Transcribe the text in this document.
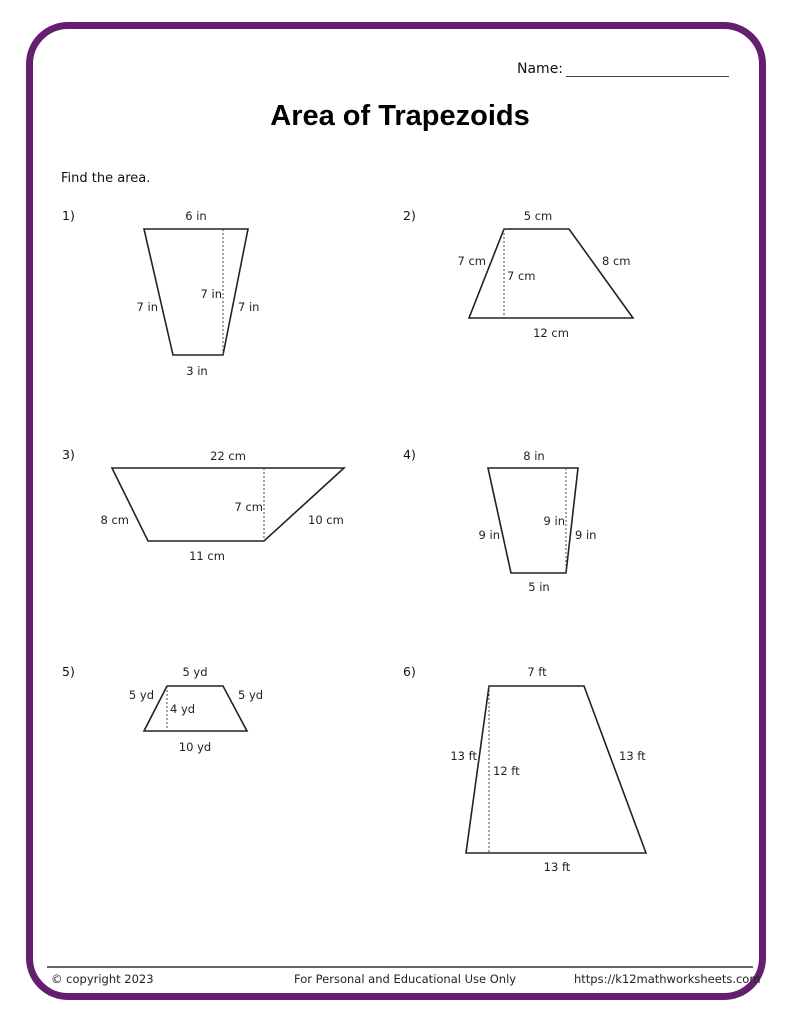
Name:
Area of Trapezoids
Find the area.
1)	2)
3)	4)
5)	6)
6 in
3 in
7 in	7 in
7 in
5 cm
12 cm
7 cm	8 cm
7 cm
22 cm
11 cm
8 cm	10 cm
7 cm
8 in
5 in
9 in	9 in
9 in
5 yd
10 yd
5 yd	5 yd
4 yd
7 ft
13 ft
13 ft	13 ft
12 ft
© copyright 2023	For Personal and Educational Use Only	https://k12mathworksheets.com
